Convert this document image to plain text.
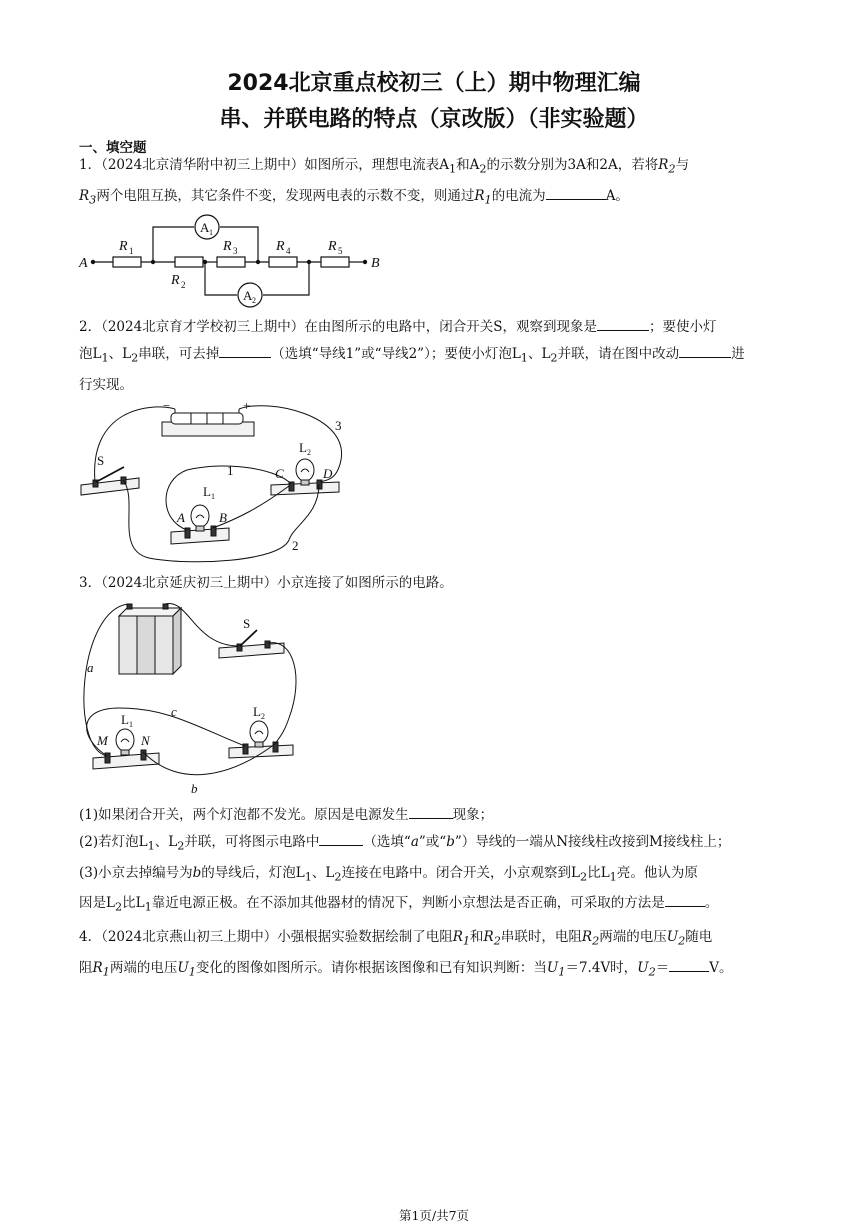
2024北京重点校初三（上）期中物理汇编
串、并联电路的特点（京改版）（非实验题）
一、填空题
1．（2024北京清华附中初三上期中）如图所示，理想电流表$A_1$和$A_2$的示数分别为3A和2A，若将$R_2$与
$R_3$两个电阻互换，其它条件不变，发现两电表的示数不变，则通过$R_1$的电流为	A。
A	B
R 1
R 2
R 3	R 4	R 5
A 1
A 2
2．（2024北京育才学校初三上期中）在由图所示的电路中，闭合开关S，观察到现象是	；要使小灯
泡$L_1$、$L_2$串联，可去掉	（选填“导线1”或“导线2”）；要使小灯泡$L_1$、$L_2$并联，请在图中改动	进
行实现。
−	+
S
1
2
3
L 1
L 2
A	B
C	D
3．（2024北京延庆初三上期中）小京连接了如图所示的电路。
S
a
c
b
M	N
L 1
L 2
(1)如果闭合开关，两个灯泡都不发光。原因是电源发生	现象；
(2)若灯泡$L_1$、$L_2$并联，可将图示电路中	（选填“a”或“b”）导线的一端从N接线柱改接到M接线柱上；
(3)小京去掉编号为b的导线后，灯泡$L_1$、$L_2$连接在电路中。闭合开关，小京观察到$L_2$比$L_1$亮。他认为原
因是$L_2$比$L_1$靠近电源正极。在不添加其他器材的情况下，判断小京想法是否正确，可采取的方法是	。
4．（2024北京燕山初三上期中）小强根据实验数据绘制了电阻$R_1$和$R_2$串联时，电阻$R_2$两端的电压$U_2$随电
阻$R_1$两端的电压$U_1$变化的图像如图所示。请你根据该图像和已有知识判断：当$U_1=7.4V$时，$U_2=$	V。
第1页/共7页
